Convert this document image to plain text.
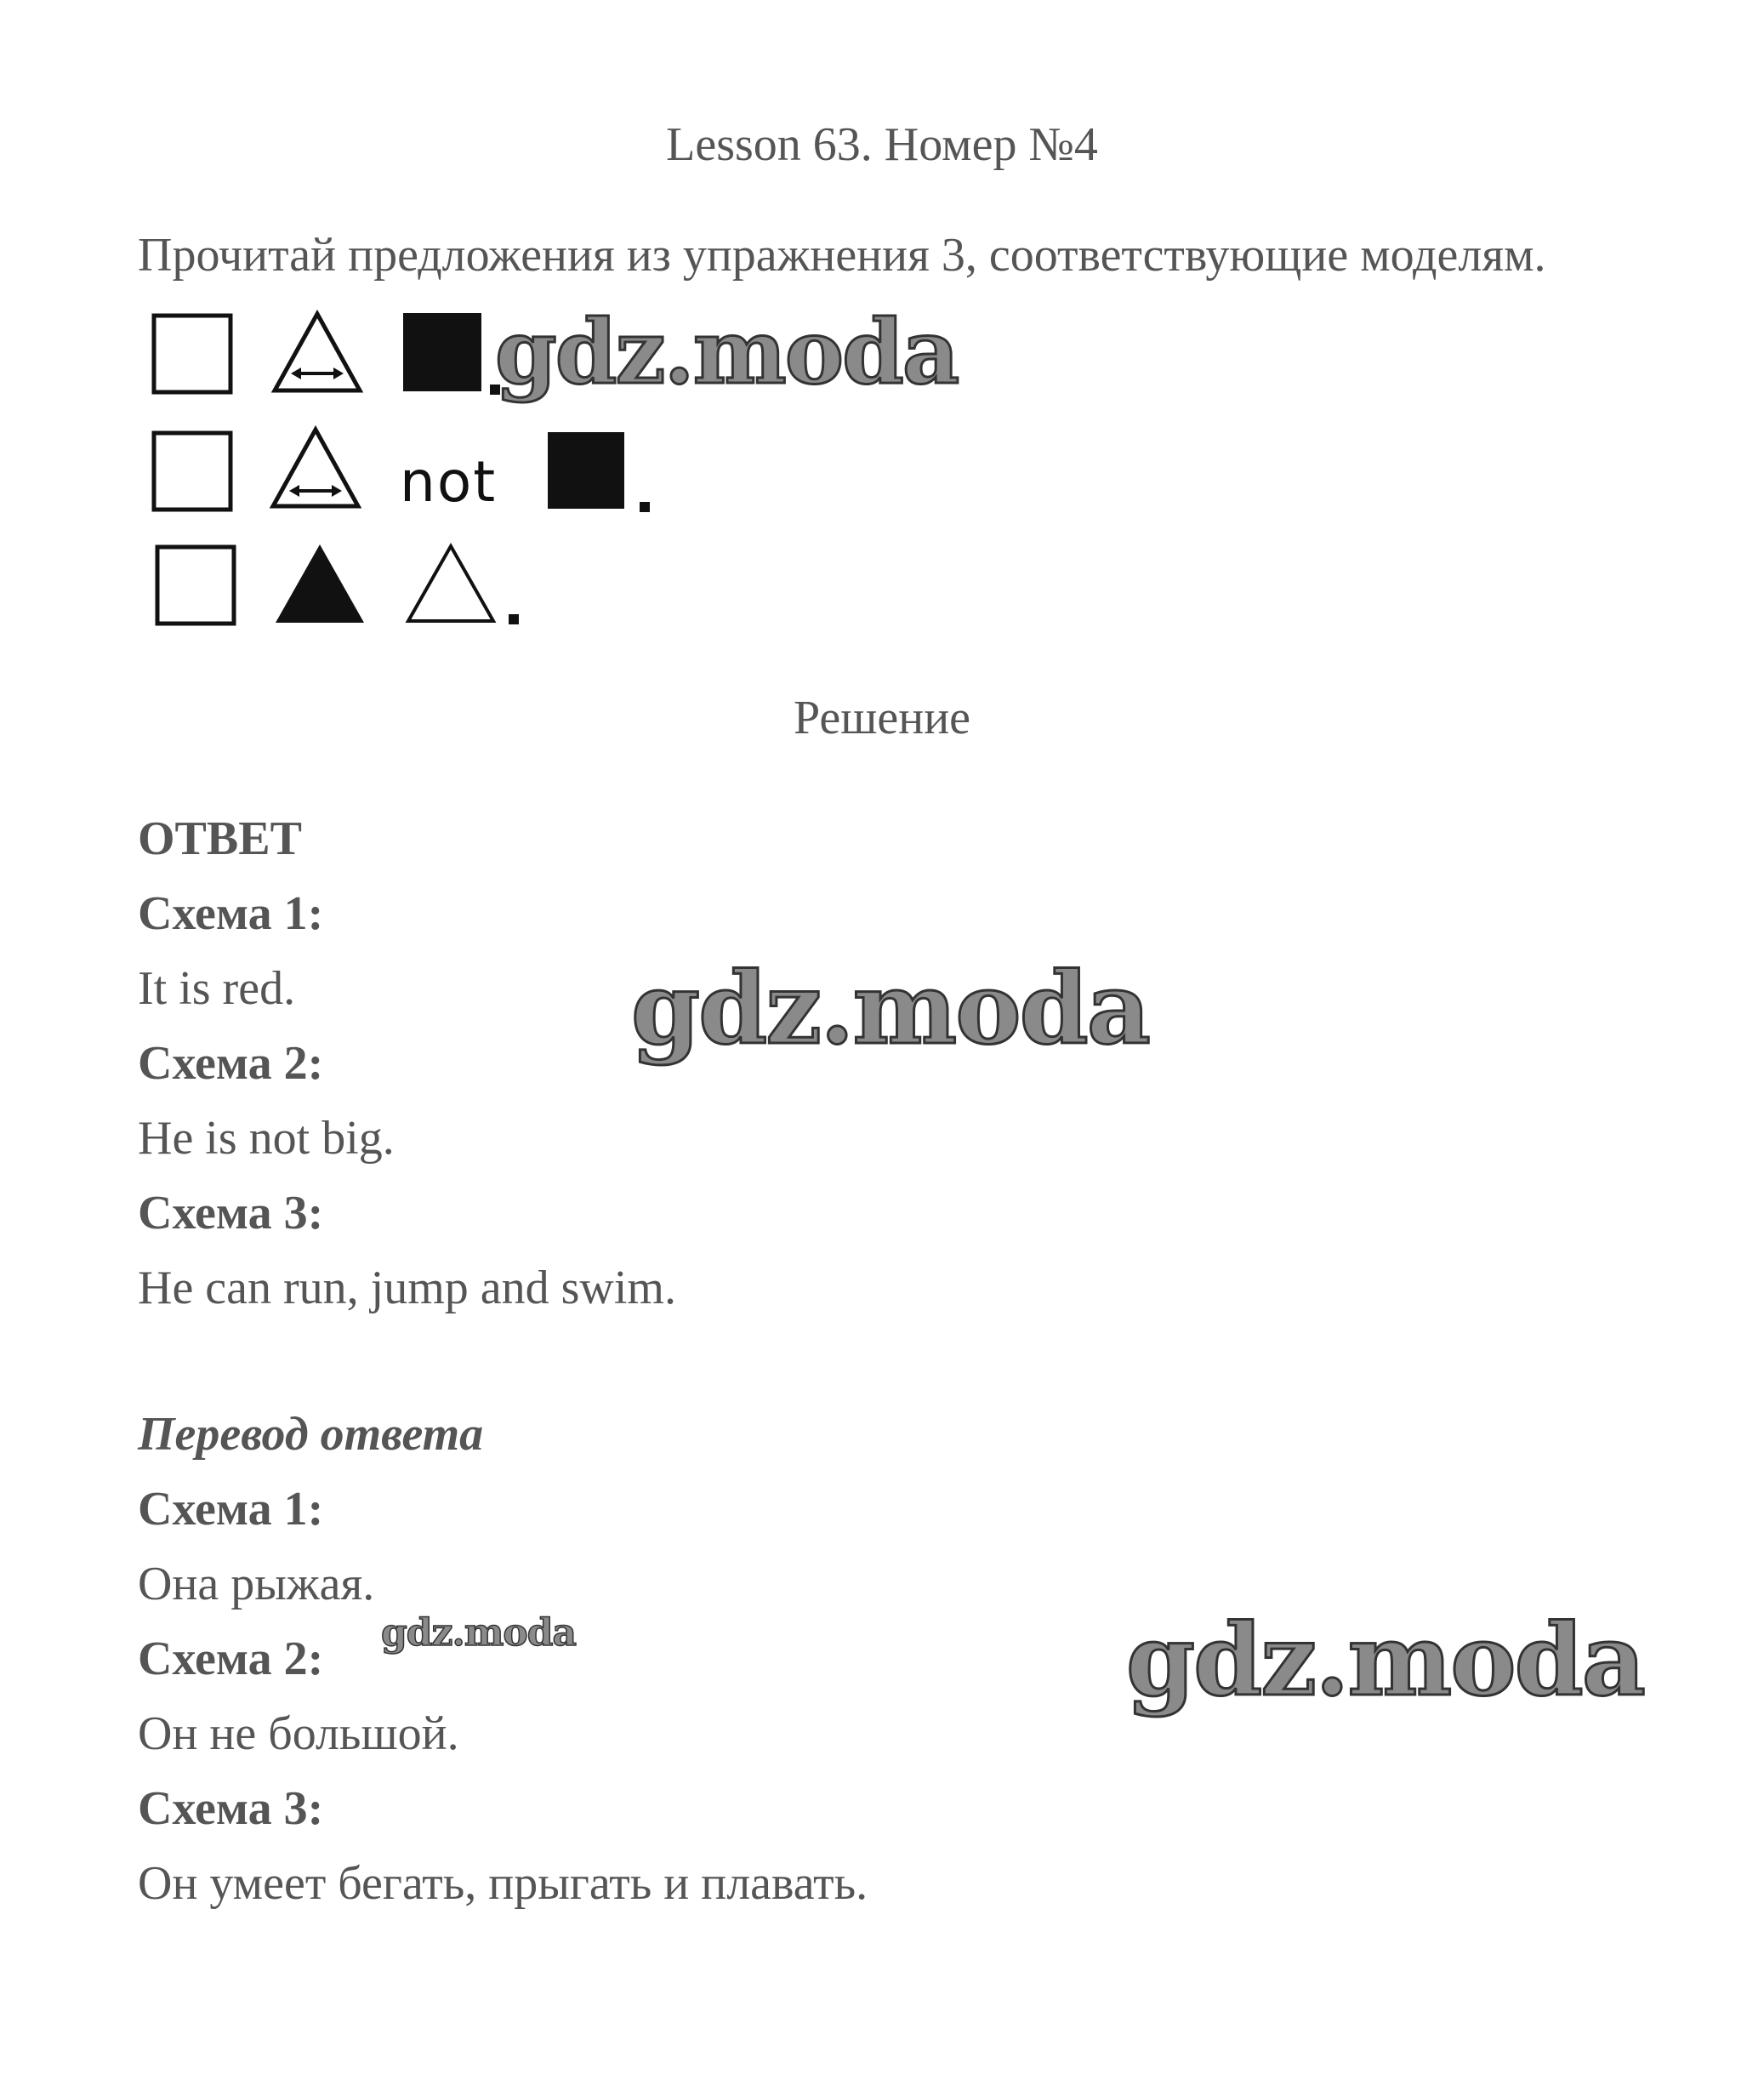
Lesson 63. Номер №4
Прочитай предложения из упражнения 3, соответствующие моделям.
not
Решение
ОТВЕТ
Схема 1:
It is red.
Схема 2:
He is not big.
Схема 3:
He can run, jump and swim.
Перевод ответа
Схема 1:
Она рыжая.
Схема 2:
Он не большой.
Схема 3:
Он умеет бегать, прыгать и плавать.
gdz.moda
gdz.moda
gdz.moda	gdz.moda
